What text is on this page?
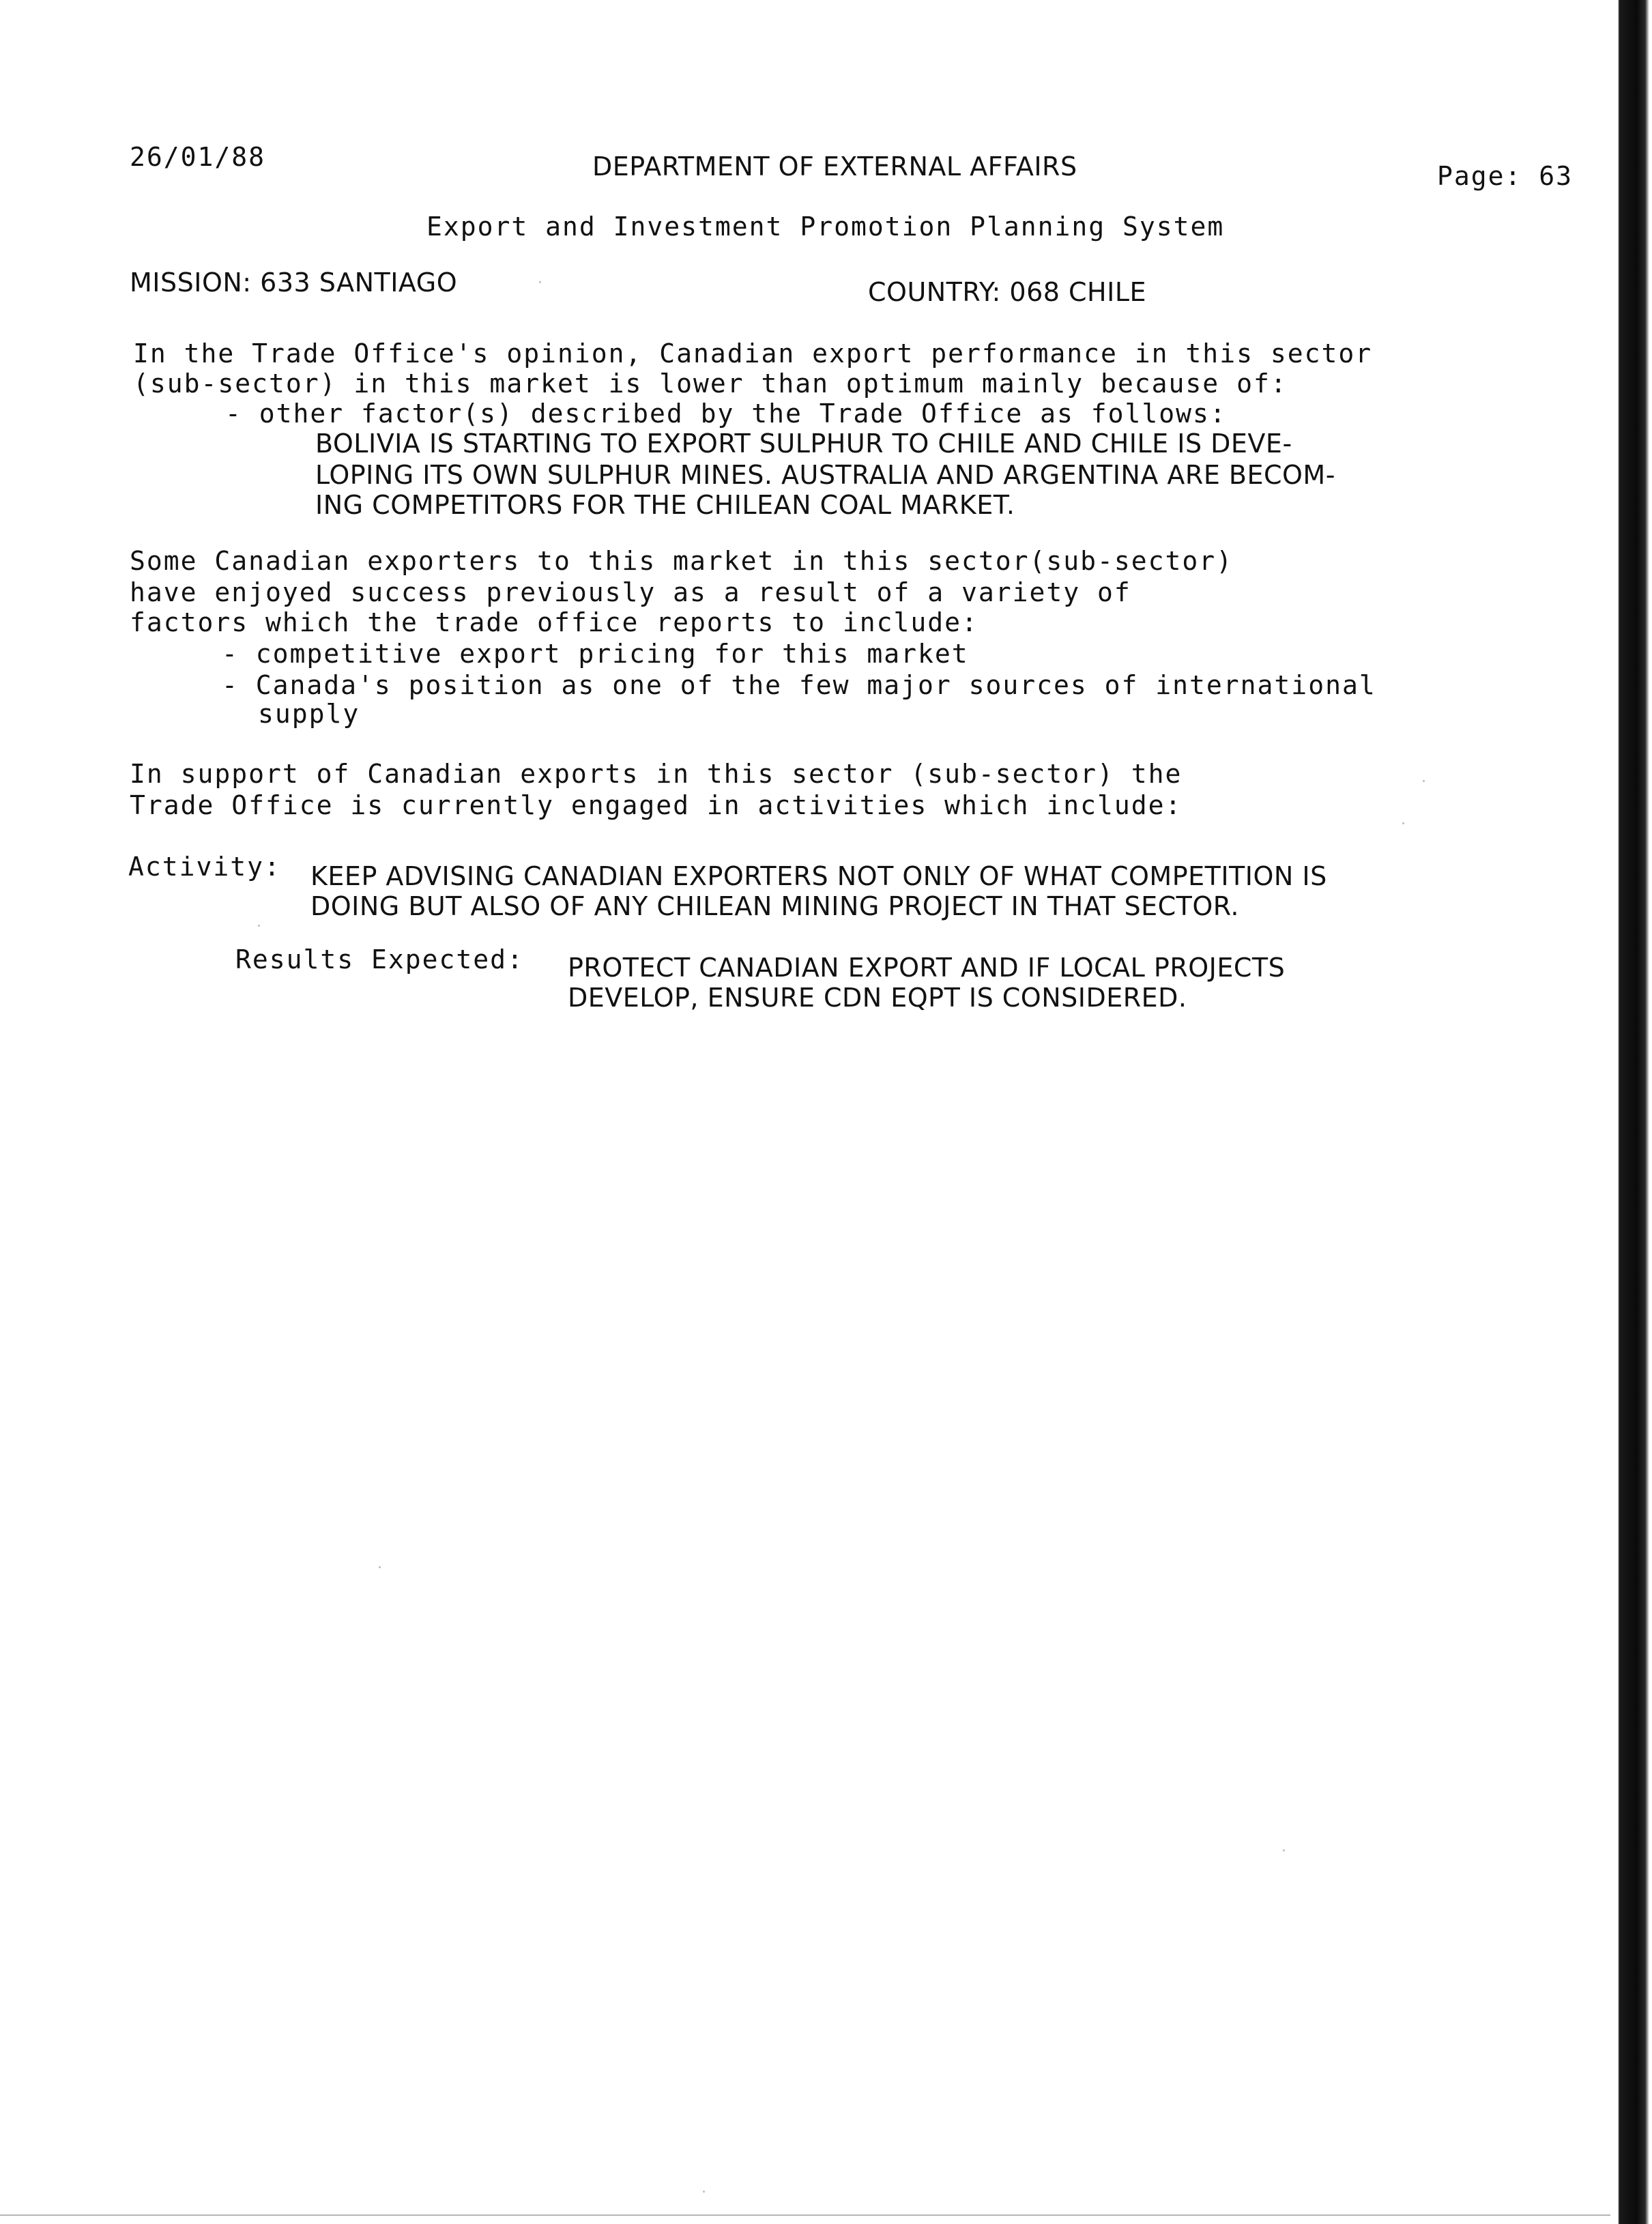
26/01/88	DEPARTMENT OF EXTERNAL AFFAIRS	Page: 63
Export and Investment Promotion Planning System
MISSION: 633 SANTIAGO	COUNTRY: 068 CHILE
In the Trade Office's opinion, Canadian export performance in this sector
(sub-sector) in this market is lower than optimum mainly because of:
- other factor(s) described by the Trade Office as follows:
BOLIVIA IS STARTING TO EXPORT SULPHUR TO CHILE AND CHILE IS DEVE-
LOPING ITS OWN SULPHUR MINES. AUSTRALIA AND ARGENTINA ARE BECOM-
ING COMPETITORS FOR THE CHILEAN COAL MARKET.
Some Canadian exporters to this market in this sector(sub-sector)
have enjoyed success previously as a result of a variety of
factors which the trade office reports to include:
- competitive export pricing for this market
- Canada's position as one of the few major sources of international
supply
In support of Canadian exports in this sector (sub-sector) the
Trade Office is currently engaged in activities which include:
Activity: KEEP ADVISING CANADIAN EXPORTERS NOT ONLY OF WHAT COMPETITION IS
DOING BUT ALSO OF ANY CHILEAN MINING PROJECT IN THAT SECTOR.
Results Expected: PROTECT CANADIAN EXPORT AND IF LOCAL PROJECTS
DEVELOP, ENSURE CDN EQPT IS CONSIDERED.
